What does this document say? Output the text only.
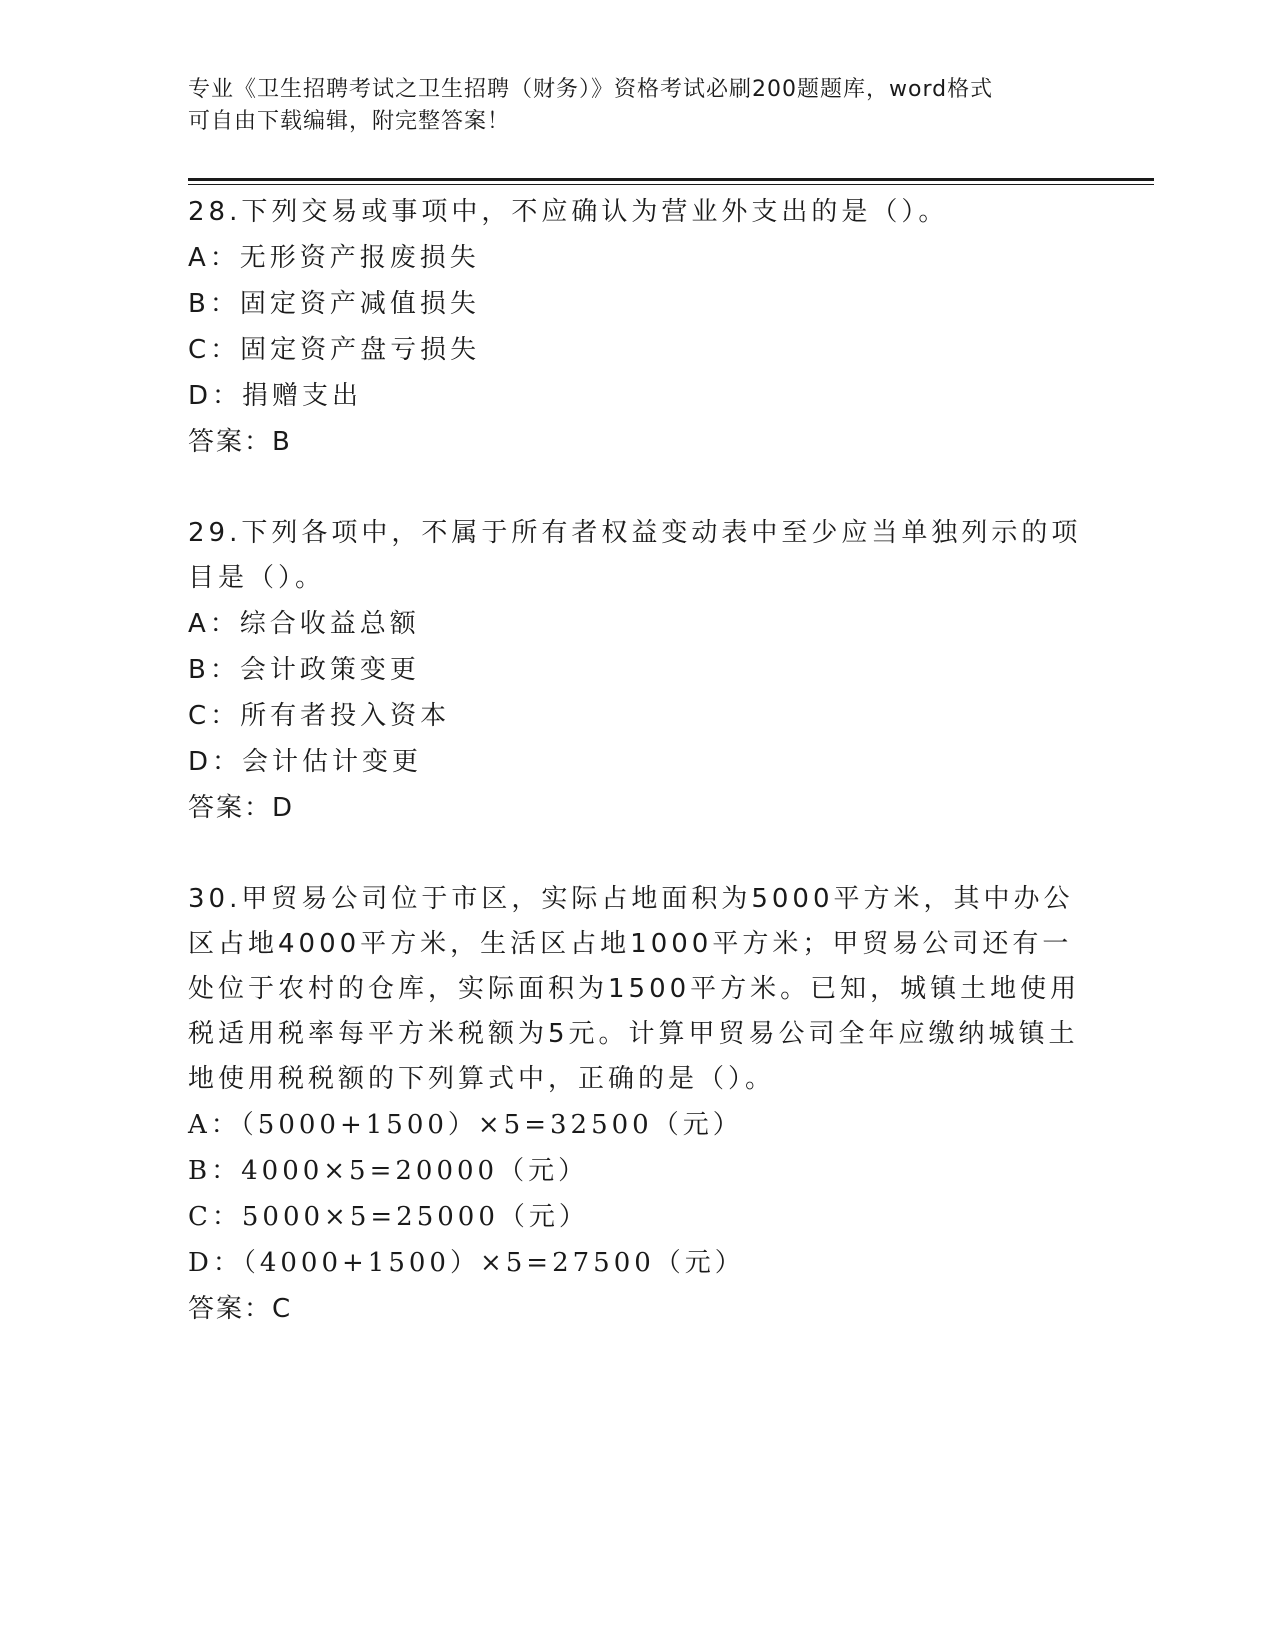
专业《卫生招聘考试之卫生招聘（财务）》资格考试必刷200题题库，word格式
可自由下载编辑，附完整答案！

28.下列交易或事项中，不应确认为营业外支出的是（）。

A：无形资产报废损失

B：固定资产减值损失

C：固定资产盘亏损失

D：捐赠支出

答案：B

29.下列各项中，不属于所有者权益变动表中至少应当单独列示的项目是（）。

A：综合收益总额

B：会计政策变更

C：所有者投入资本

D：会计估计变更

答案：D

30.甲贸易公司位于市区，实际占地面积为5000平方米，其中办公区占地4000平方米，生活区占地1000平方米；甲贸易公司还有一处位于农村的仓库，实际面积为1500平方米。已知，城镇土地使用税适用税率每平方米税额为5元。计算甲贸易公司全年应缴纳城镇土地使用税税额的下列算式中，正确的是（）。

A：（5000+1500）×5=32500（元）

B：4000×5=20000（元）

C：5000×5=25000（元）

D：（4000+1500）×5=27500（元）

答案：C
